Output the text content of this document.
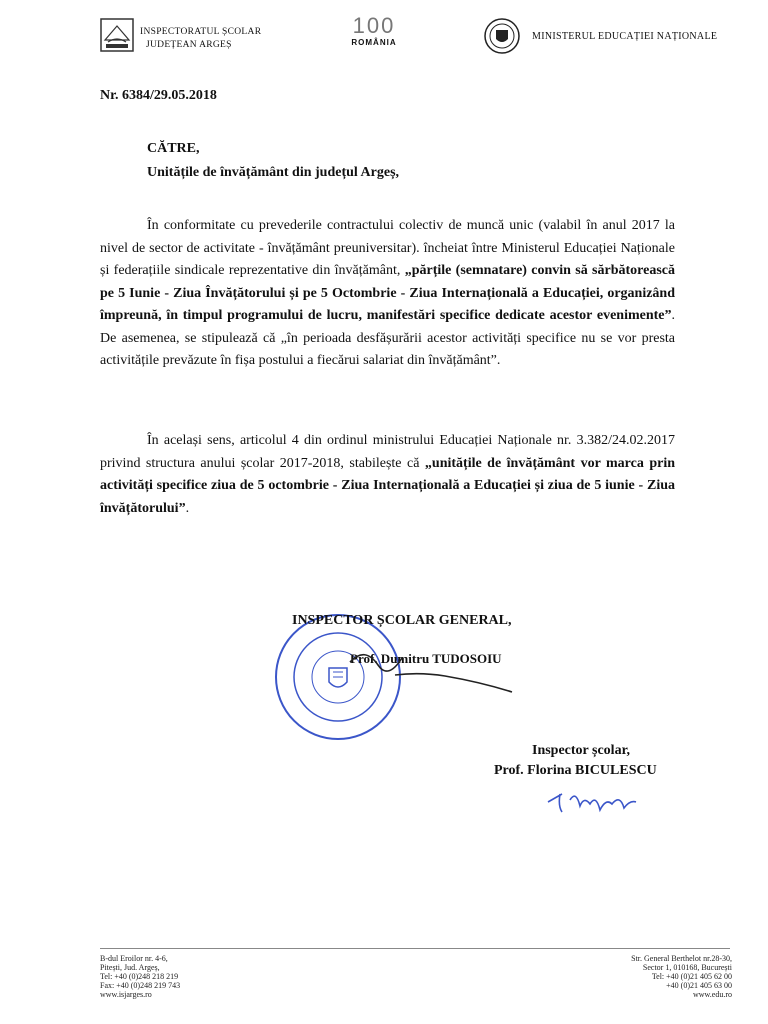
INSPECTORATUL ȘCOLAR
JUDEȚEAN ARGEȘ
100
ROMÂNIA
MINISTERUL EDUCAȚIEI NAȚIONALE
Nr. 6384/29.05.2018
CĂTRE,
Unitățile de învățământ din județul Argeș,
În conformitate cu prevederile contractului colectiv de muncă unic (valabil în anul 2017 la nivel de sector de activitate - învățământ preuniversitar). încheiat între Ministerul Educației Naționale și federațiile sindicale reprezentative din învățământ, „părțile (semnatare) convin să sărbătorească pe 5 Iunie - Ziua Învățătorului și pe 5 Octombrie - Ziua Internațională a Educației, organizând împreună, în timpul programului de lucru, manifestări specifice dedicate acestor evenimente”. De asemenea, se stipulează că „în perioada desfășurării acestor activități specifice nu se vor presta activitățile prevăzute în fișa postului a fiecărui salariat din învățământ”.
În același sens, articolul 4 din ordinul ministrului Educației Naționale nr. 3.382/24.02.2017 privind structura anului școlar 2017-2018, stabilește că „unitățile de învățământ vor marca prin activități specifice ziua de 5 octombrie - Ziua Internațională a Educației și ziua de 5 iunie - Ziua învățătorului”.
INSPECTOR ȘCOLAR GENERAL,
Prof. Dumitru TUDOSOIU
Inspector școlar,
Prof. Florina BICULESCU
B-dul Eroilor nr. 4-6,
Pitești, Jud. Argeș,
Tel: +40 (0)248 218 219
Fax: +40 (0)248 219 743
www.isjarges.ro
Str. General Berthelot nr.28-30,
Sector 1, 010168, București
Tel: +40 (0)21 405 62 00
+40 (0)21 405 63 00
www.edu.ro
